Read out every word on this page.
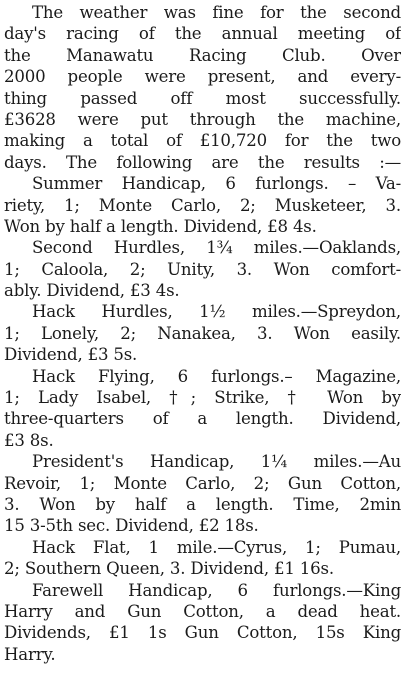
The weather was fine for the second
day's racing of the annual meeting of
the Manawatu Racing Club. Over
2000 people were present, and every-
thing passed off most successfully.
£3628 were put through the machine,
making a total of £10,720 for the two
days. The following are the results :—
Summer Handicap, 6 furlongs. – Va-
riety, 1; Monte Carlo, 2; Musketeer, 3.
Won by half a length. Dividend, £8 4s.
Second Hurdles, 1¾ miles.—Oaklands,
1; Caloola, 2; Unity, 3. Won comfort-
ably. Dividend, £3 4s.
Hack Hurdles, 1½ miles.—Spreydon,
1; Lonely, 2; Nanakea, 3. Won easily.
Dividend, £3 5s.
Hack Flying, 6 furlongs.– Magazine,
1; Lady Isabel, †; Strike, † Won by
three-quarters of a length. Dividend,
£3 8s.
President's Handicap, 1¼ miles.—Au
Revoir, 1; Monte Carlo, 2; Gun Cotton,
3. Won by half a length. Time, 2min
15 3-5th sec. Dividend, £2 18s.
Hack Flat, 1 mile.—Cyrus, 1; Pumau,
2; Southern Queen, 3. Dividend, £1 16s.
Farewell Handicap, 6 furlongs.—King
Harry and Gun Cotton, a dead heat.
Dividends, £1 1s Gun Cotton, 15s King
Harry.
